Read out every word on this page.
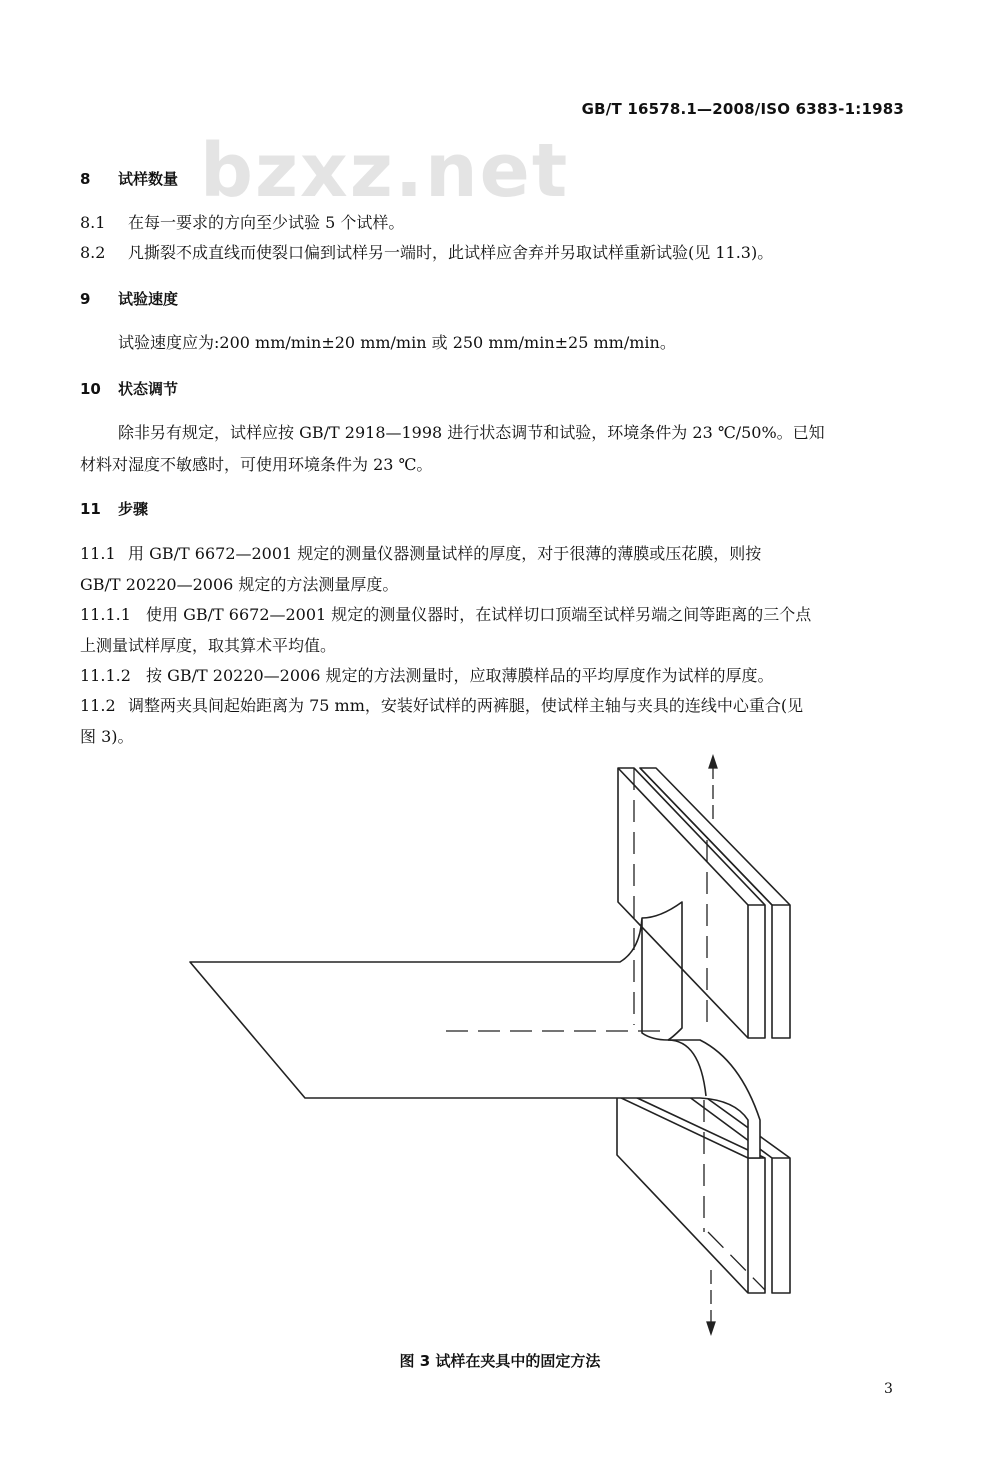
GB/T 16578.1—2008/ISO 6383-1:1983
bzxz.net
8 试样数量
8.1 在每一要求的方向至少试验 5 个试样。
8.2 凡撕裂不成直线而使裂口偏到试样另一端时，此试样应舍弃并另取试样重新试验(见 11.3)。
9 试验速度
试验速度应为:200 mm/min±20 mm/min 或 250 mm/min±25 mm/min。
10 状态调节
除非另有规定，试样应按 GB/T 2918—1998 进行状态调节和试验，环境条件为 23 ℃/50%。已知
材料对湿度不敏感时，可使用环境条件为 23 ℃。
11 步骤
11.1 用 GB/T 6672—2001 规定的测量仪器测量试样的厚度，对于很薄的薄膜或压花膜，则按
GB/T 20220—2006 规定的方法测量厚度。
11.1.1 使用 GB/T 6672—2001 规定的测量仪器时，在试样切口顶端至试样另端之间等距离的三个点
上测量试样厚度，取其算术平均值。
11.1.2 按 GB/T 20220—2006 规定的方法测量时，应取薄膜样品的平均厚度作为试样的厚度。
11.2 调整两夹具间起始距离为 75 mm，安装好试样的两裤腿，使试样主轴与夹具的连线中心重合(见
图 3)。
图 3 试样在夹具中的固定方法
3
